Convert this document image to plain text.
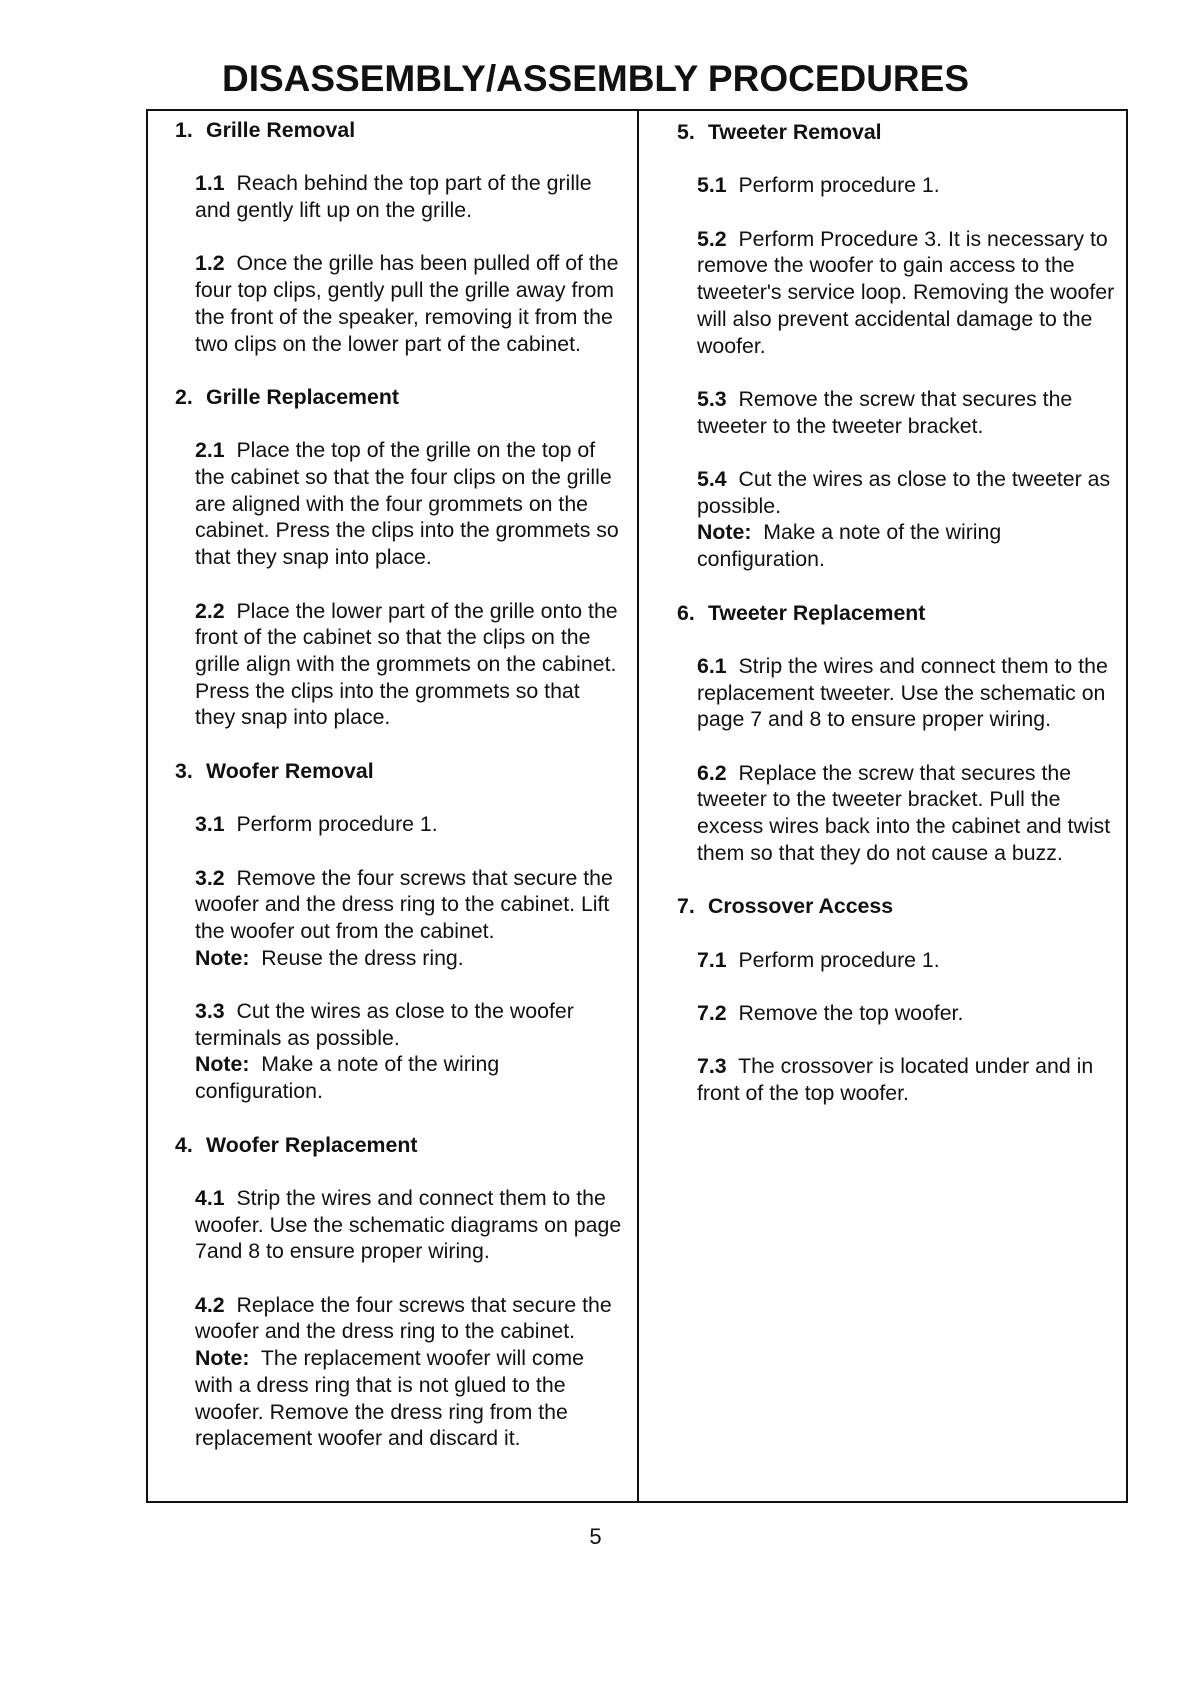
DISASSEMBLY/ASSEMBLY PROCEDURES
1. Grille Removal
1.1 Reach behind the top part of the grille and gently lift up on the grille.
1.2 Once the grille has been pulled off of the four top clips, gently pull the grille away from the front of the speaker, removing it from the two clips on the lower part of the cabinet.
2. Grille Replacement
2.1 Place the top of the grille on the top of the cabinet so that the four clips on the grille are aligned with the four grommets on the cabinet. Press the clips into the grommets so that they snap into place.
2.2 Place the lower part of the grille onto the front of the cabinet so that the clips on the grille align with the grommets on the cabinet. Press the clips into the grommets so that they snap into place.
3. Woofer Removal
3.1 Perform procedure 1.
3.2 Remove the four screws that secure the woofer and the dress ring to the cabinet. Lift the woofer out from the cabinet.
Note: Reuse the dress ring.
3.3 Cut the wires as close to the woofer terminals as possible.
Note: Make a note of the wiring configuration.
4. Woofer Replacement
4.1 Strip the wires and connect them to the woofer. Use the schematic diagrams on page 7and 8 to ensure proper wiring.
4.2 Replace the four screws that secure the woofer and the dress ring to the cabinet.
Note: The replacement woofer will come with a dress ring that is not glued to the woofer. Remove the dress ring from the replacement woofer and discard it.
5. Tweeter Removal
5.1 Perform procedure 1.
5.2 Perform Procedure 3. It is necessary to remove the woofer to gain access to the tweeter's service loop. Removing the woofer will also prevent accidental damage to the woofer.
5.3 Remove the screw that secures the tweeter to the tweeter bracket.
5.4 Cut the wires as close to the tweeter as possible.
Note: Make a note of the wiring configuration.
6. Tweeter Replacement
6.1 Strip the wires and connect them to the replacement tweeter. Use the schematic on page 7 and 8 to ensure proper wiring.
6.2 Replace the screw that secures the tweeter to the tweeter bracket. Pull the excess wires back into the cabinet and twist them so that they do not cause a buzz.
7. Crossover Access
7.1 Perform procedure 1.
7.2 Remove the top woofer.
7.3 The crossover is located under and in front of the top woofer.
5
